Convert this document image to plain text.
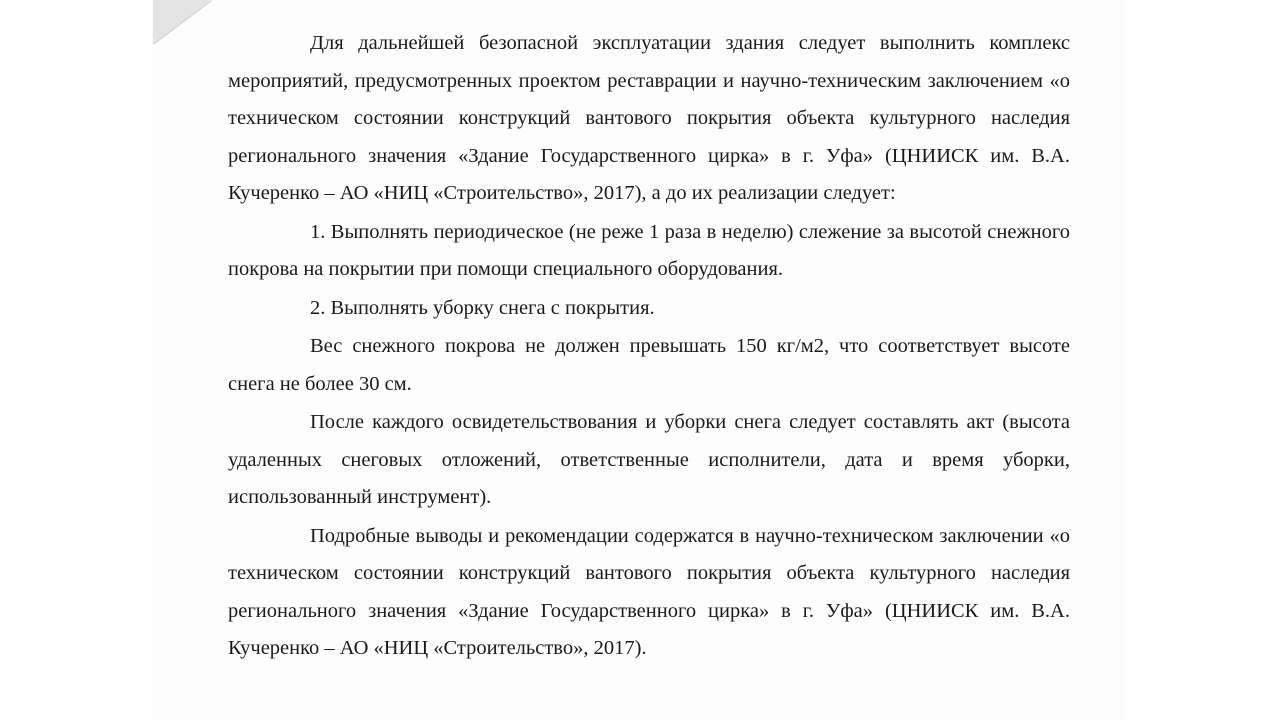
Для дальнейшей безопасной эксплуатации здания следует выполнить комплекс мероприятий, предусмотренных проектом реставрации и научно-техническим заключением «о техническом состоянии конструкций вантового покрытия объекта культурного наследия регионального значения «Здание Государственного цирка» в г. Уфа» (ЦНИИСК им. В.А. Кучеренко – АО «НИЦ «Строительство», 2017), а до их реализации следует:

1. Выполнять периодическое (не реже 1 раза в неделю) слежение за высотой снежного покрова на покрытии при помощи специального оборудования.

2. Выполнять уборку снега с покрытия.

Вес снежного покрова не должен превышать 150 кг/м2, что соответствует высоте снега не более 30 см.

После каждого освидетельствования и уборки снега следует составлять акт (высота удаленных снеговых отложений, ответственные исполнители, дата и время уборки, использованный инструмент).

Подробные выводы и рекомендации содержатся в научно-техническом заключении «о техническом состоянии конструкций вантового покрытия объекта культурного наследия регионального значения «Здание Государственного цирка» в г. Уфа» (ЦНИИСК им. В.А. Кучеренко – АО «НИЦ «Строительство», 2017).
